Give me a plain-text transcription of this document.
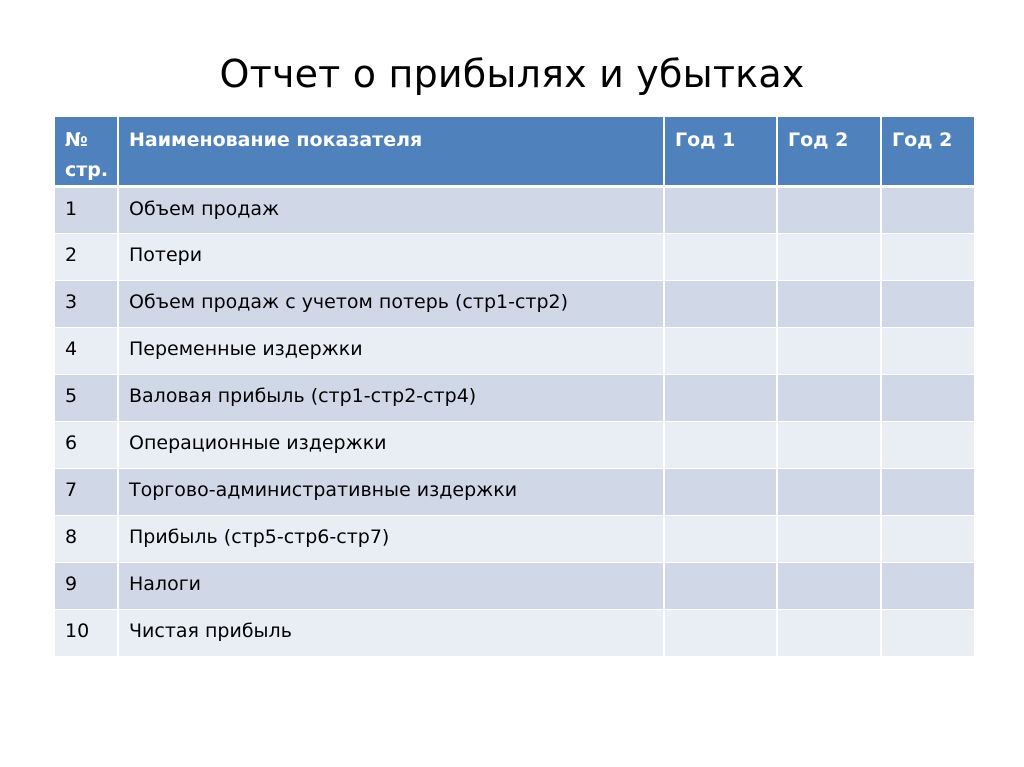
Отчет о прибылях и убытках
№ стр.	Наименование показателя	Год 1	Год 2	Год 2
1	Объем продаж			
2	Потери			
3	Объем продаж с учетом потерь (стр1-стр2)			
4	Переменные издержки			
5	Валовая прибыль (стр1-стр2-стр4)			
6	Операционные издержки			
7	Торгово-административные издержки			
8	Прибыль (стр5-стр6-стр7)			
9	Налоги			
10	Чистая прибыль			
